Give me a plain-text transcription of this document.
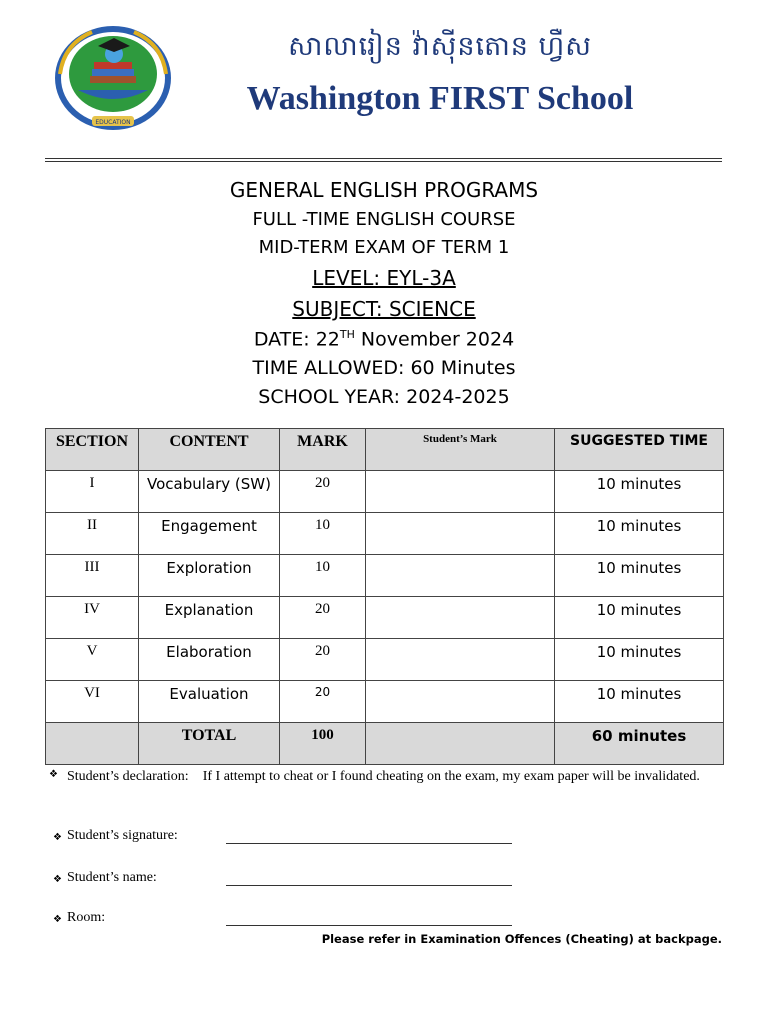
EDUCATION
សាលារៀន វ៉ាស៊ីនតោន ហ្វឺស
Washington FIRST School
GENERAL ENGLISH PROGRAMS
FULL -TIME ENGLISH COURSE
MID-TERM EXAM OF TERM 1
LEVEL: EYL-3A
SUBJECT: SCIENCE
DATE: 22TH November 2024
TIME ALLOWED: 60 Minutes
SCHOOL YEAR: 2024-2025
SECTION	CONTENT	MARK	Student’s Mark	SUGGESTED TIME
I	Vocabulary (SW)	20		10 minutes
II	Engagement	10		10 minutes
III	Exploration	10		10 minutes
IV	Explanation	20		10 minutes
V	Elaboration	20		10 minutes
VI	Evaluation	20		10 minutes
	TOTAL	100		60 minutes
❖ Student’s declaration: If I attempt to cheat or I found cheating on the exam, my exam paper will be invalidated.
❖ Student’s signature:
❖ Student’s name:
❖ Room:
Please refer in Examination Offences (Cheating) at backpage.
